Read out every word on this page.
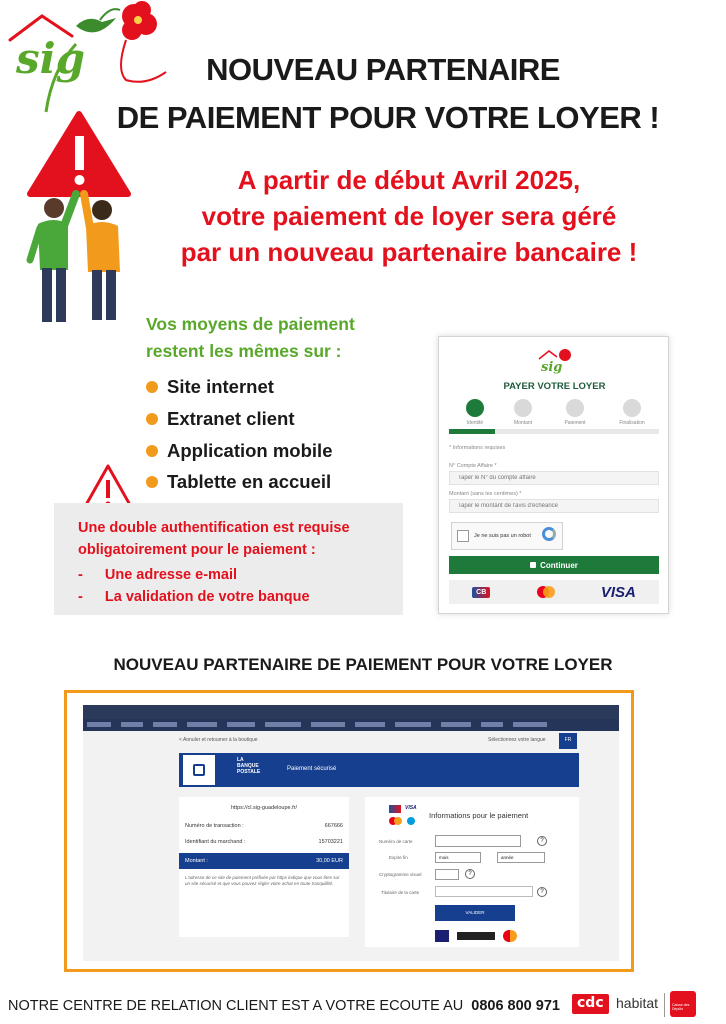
sig	NOUVEAU PARTENAIRE
DE PAIEMENT POUR VOTRE LOYER !
A partir de début Avril 2025,
votre paiement de loyer sera géré
par un nouveau partenaire bancaire !
Vos moyens de paiement
restent les mêmes sur :
Site internet
Extranet client
Application mobile
Tablette en accueil
Une double authentification est requise
obligatoirement pour le paiement :
- Une adresse e-mail
- La validation de votre banque
sig
PAYER VOTRE LOYER
Identité	Montant	Paiement	Finalisation
* Informations requises
N° Compte Affaire *
Taper le N° du compte affaire
Montant (sans les centimes) *
Taper le montant de l'avis d'échéance
Je ne suis pas un robot
Continuer
CB	VISA
NOUVEAU PARTENAIRE DE PAIEMENT POUR VOTRE LOYER
< Annuler et retourner à la boutique	Sélectionnez votre langue	FR
LA
BANQUE
POSTALE	Paiement sécurisé
https://cl.sig-guadeloupe.fr/
Numéro de transaction :	667666
Identifiant du marchand :	15703221
Montant :	30,00 EUR
L'adresse de ce site de paiement préfixée par https indique que vous êtes sur un site sécurisé et que vous pouvez régler votre achat en toute tranquillité.
VISA
Informations pour le paiement
Numéro de carte	?
Expire fin	mois	année
Cryptogramme visuel	?
Titulaire de la carte	?
VALIDER
NOTRE CENTRE DE RELATION CLIENT EST A VOTRE ECOUTE AU 0806 800 971	cdc habitat	Caisse des Dépôts
